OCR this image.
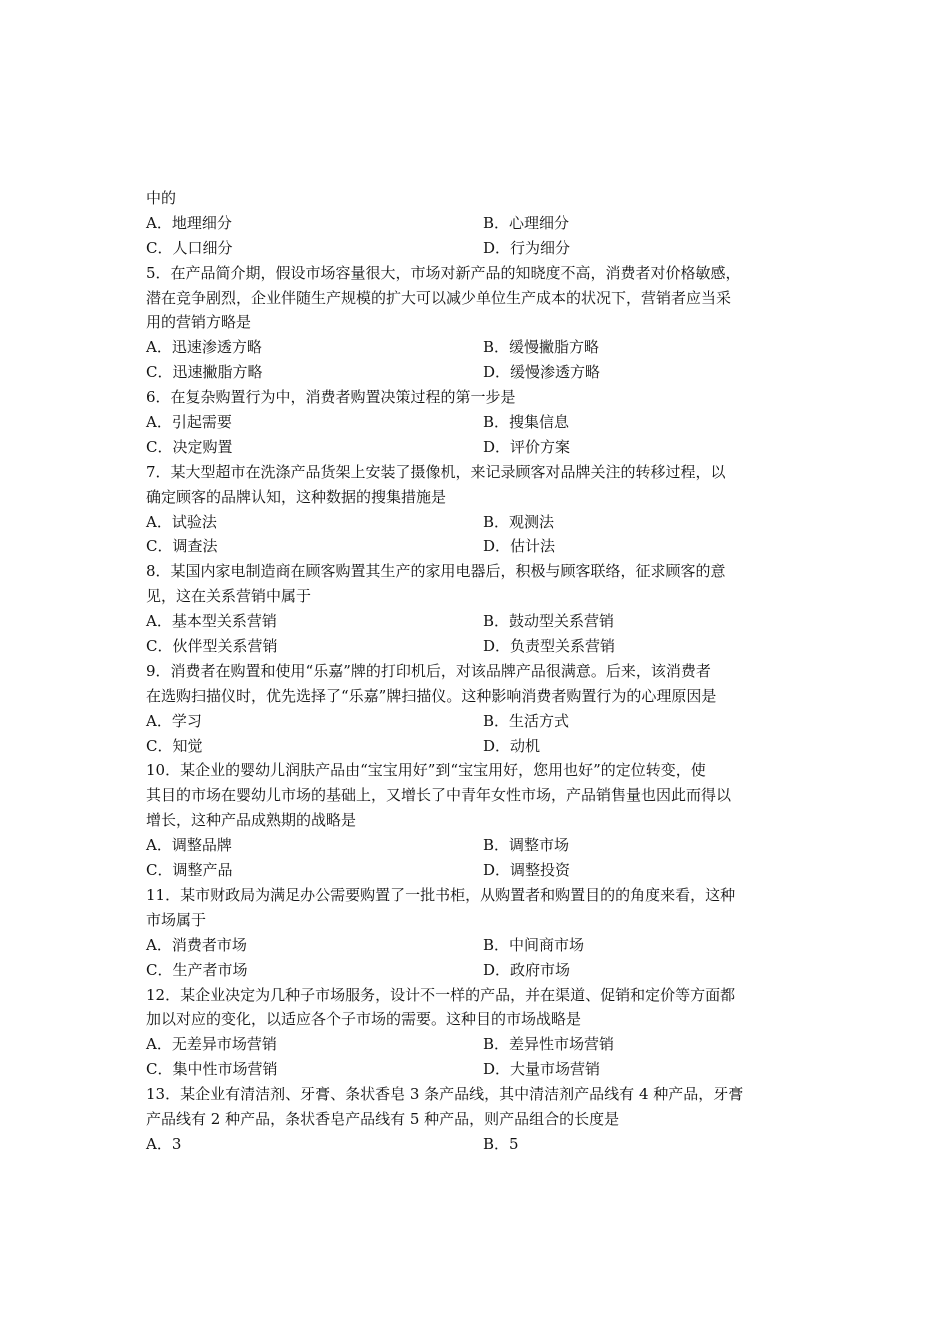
中的
A．地理细分	B．心理细分
C．人口细分	D．行为细分
5．在产品简介期，假设市场容量很大，市场对新产品的知晓度不高，消费者对价格敏感，
潜在竞争剧烈，企业伴随生产规模的扩大可以减少单位生产成本的状况下，营销者应当采
用的营销方略是
A．迅速渗透方略	B．缓慢撇脂方略
C．迅速撇脂方略	D．缓慢渗透方略
6．在复杂购置行为中，消费者购置决策过程的第一步是
A．引起需要	B．搜集信息
C．决定购置	D．评价方案
7．某大型超市在洗涤产品货架上安装了摄像机，来记录顾客对品牌关注的转移过程，以
确定顾客的品牌认知，这种数据的搜集措施是
A．试验法	B．观测法
C．调查法	D．估计法
8．某国内家电制造商在顾客购置其生产的家用电器后，积极与顾客联络，征求顾客的意
见，这在关系营销中属于
A．基本型关系营销	B．鼓动型关系营销
C．伙伴型关系营销	D．负责型关系营销
9．消费者在购置和使用“乐嘉”牌的打印机后，对该品牌产品很满意。后来，该消费者
在选购扫描仪时，优先选择了“乐嘉”牌扫描仪。这种影响消费者购置行为的心理原因是
A．学习	B．生活方式
C．知觉	D．动机
10．某企业的婴幼儿润肤产品由“宝宝用好”到“宝宝用好，您用也好”的定位转变，使
其目的市场在婴幼儿市场的基础上，又增长了中青年女性市场，产品销售量也因此而得以
增长，这种产品成熟期的战略是
A．调整品牌	B．调整市场
C．调整产品	D．调整投资
11．某市财政局为满足办公需要购置了一批书柜，从购置者和购置目的的角度来看，这种
市场属于
A．消费者市场	B．中间商市场
C．生产者市场	D．政府市场
12．某企业决定为几种子市场服务，设计不一样的产品，并在渠道、促销和定价等方面都
加以对应的变化，以适应各个子市场的需要。这种目的市场战略是
A．无差异市场营销	B．差异性市场营销
C．集中性市场营销	D．大量市场营销
13．某企业有清洁剂、牙膏、条状香皂 3 条产品线，其中清洁剂产品线有 4 种产品，牙膏
产品线有 2 种产品，条状香皂产品线有 5 种产品，则产品组合的长度是
A．3	B．5
